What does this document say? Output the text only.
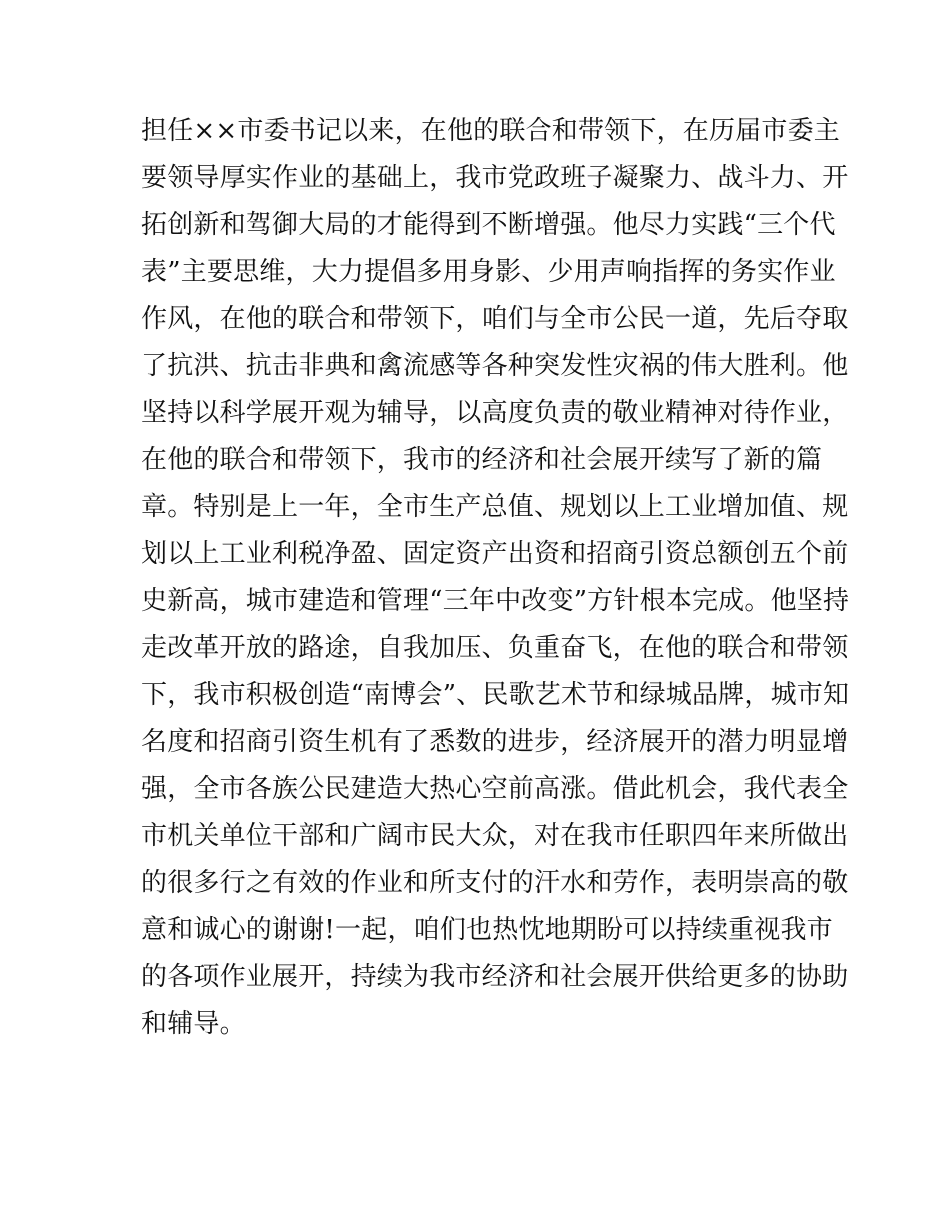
担任××市委书记以来，在他的联合和带领下，在历届市委主
要领导厚实作业的基础上，我市党政班子凝聚力、战斗力、开
拓创新和驾御大局的才能得到不断增强。他尽力实践“三个代
表”主要思维，大力提倡多用身影、少用声响指挥的务实作业
作风，在他的联合和带领下，咱们与全市公民一道，先后夺取
了抗洪、抗击非典和禽流感等各种突发性灾祸的伟大胜利。他
坚持以科学展开观为辅导，以高度负责的敬业精神对待作业，
在他的联合和带领下，我市的经济和社会展开续写了新的篇
章。特别是上一年，全市生产总值、规划以上工业增加值、规
划以上工业利税净盈、固定资产出资和招商引资总额创五个前
史新高，城市建造和管理“三年中改变”方针根本完成。他坚持
走改革开放的路途，自我加压、负重奋飞，在他的联合和带领
下，我市积极创造“南博会”、民歌艺术节和绿城品牌，城市知
名度和招商引资生机有了悉数的进步，经济展开的潜力明显增
强，全市各族公民建造大热心空前高涨。借此机会，我代表全
市机关单位干部和广阔市民大众，对在我市任职四年来所做出
的很多行之有效的作业和所支付的汗水和劳作，表明崇高的敬
意和诚心的谢谢!一起，咱们也热忱地期盼可以持续重视我市
的各项作业展开，持续为我市经济和社会展开供给更多的协助
和辅导。
